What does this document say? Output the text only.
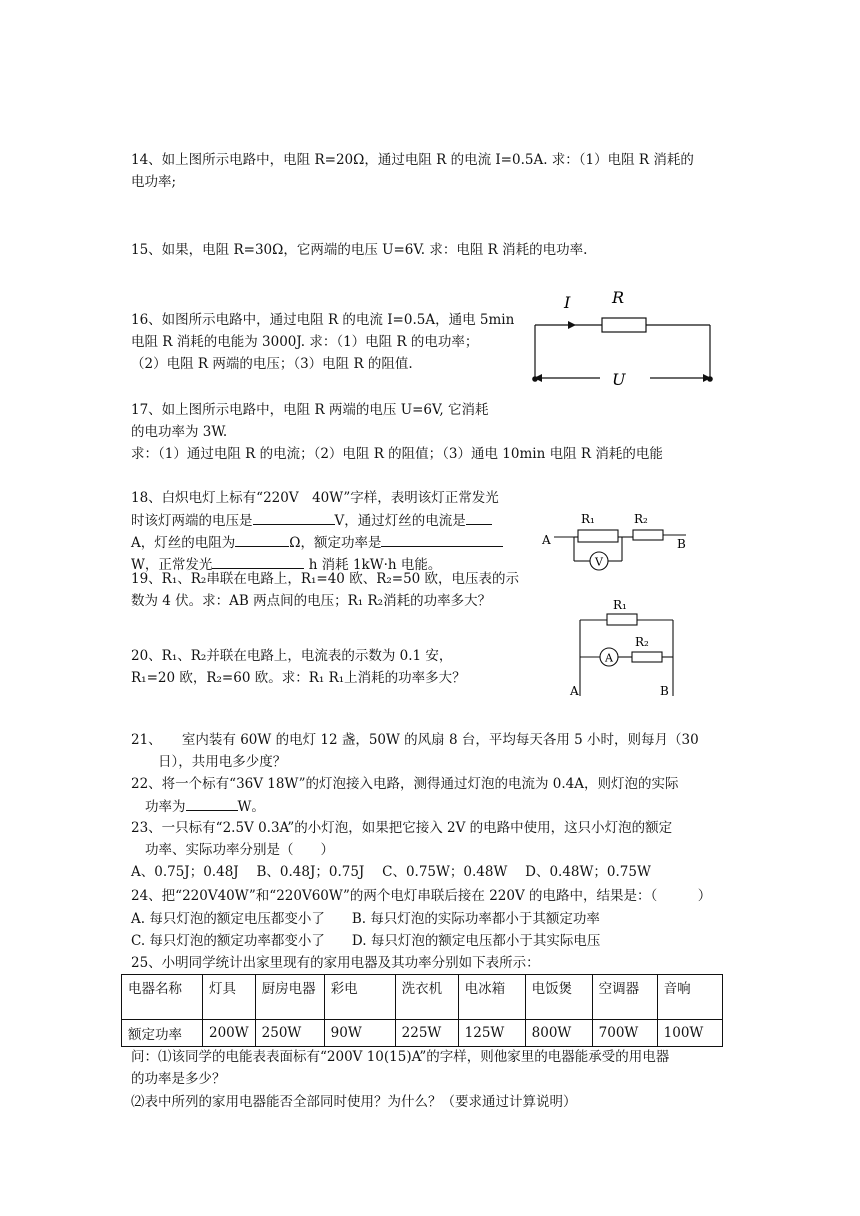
14、如上图所示电路中，电阻 R=20Ω，通过电阻 R 的电流 I=0.5A. 求：（1）电阻 R 消耗的
电功率;
15、如果，电阻 R=30Ω，它两端的电压 U=6V. 求：电阻 R 消耗的电功率.
16、如图所示电路中，通过电阻 R 的电流 I=0.5A，通电 5min
电阻 R 消耗的电能为 3000J. 求：（1）电阻 R 的电功率；
（2）电阻 R 两端的电压；（3）电阻 R 的阻值.
I	R
U
17、如上图所示电路中，电阻 R 两端的电压 U=6V, 它消耗
的电功率为 3W.
求：（1）通过电阻 R 的电流；（2）电阻 R 的阻值；（3）通电 10min 电阻 R 消耗的电能
18、白炽电灯上标有“220V　40W”字样，表明该灯正常发光
时该灯两端的电压是	V，通过灯丝的电流是
A，灯丝的电阻为	Ω，额定功率是
W，正常发光	h 消耗 1kW·h 电能。
A
R₁	R₂
B
V
19、R₁、R₂串联在电路上，R₁=40 欧、R₂=50 欧，电压表的示
数为 4 伏。求：AB 两点间的电压；R₁ R₂消耗的功率多大？	R₁
A
R₂
A	B
20、R₁、R₂并联在电路上，电流表的示数为 0.1 安，
R₁=20 欧，R₂=60 欧。求：R₁ R₁上消耗的功率多大？
21、　　室内装有 60W 的电灯 12 盏，50W 的风扇 8 台，平均每天各用 5 小时，则每月（30
日），共用电多少度？
22、将一个标有“36V 18W”的灯泡接入电路，测得通过灯泡的电流为 0.4A，则灯泡的实际
功率为	W。
23、一只标有“2.5V 0.3A”的小灯泡，如果把它接入 2V 的电路中使用，这只小灯泡的额定
功率、实际功率分别是（　　）
A、0.75J；0.48J　 B、0.48J；0.75J　 C、0.75W；0.48W　 D、0.48W；0.75W
24、把“220V40W”和“220V60W”的两个电灯串联后接在 220V 的电路中，结果是：（　　　）
A. 每只灯泡的额定电压都变小了　　B. 每只灯泡的实际功率都小于其额定功率
C. 每只灯泡的额定功率都变小了　　D. 每只灯泡的额定电压都小于其实际电压
25、小明同学统计出家里现有的家用电器及其功率分别如下表所示：
电器名称	灯具	厨房电器	彩电	洗衣机	电冰箱	电饭煲	空调器	音响
额定功率	200W	250W	90W	225W	125W	800W	700W	100W
问：⑴该同学的电能表表面标有“200V 10(15)A”的字样，则他家里的电器能承受的用电器
的功率是多少？
⑵表中所列的家用电器能否全部同时使用？为什么？（要求通过计算说明）
